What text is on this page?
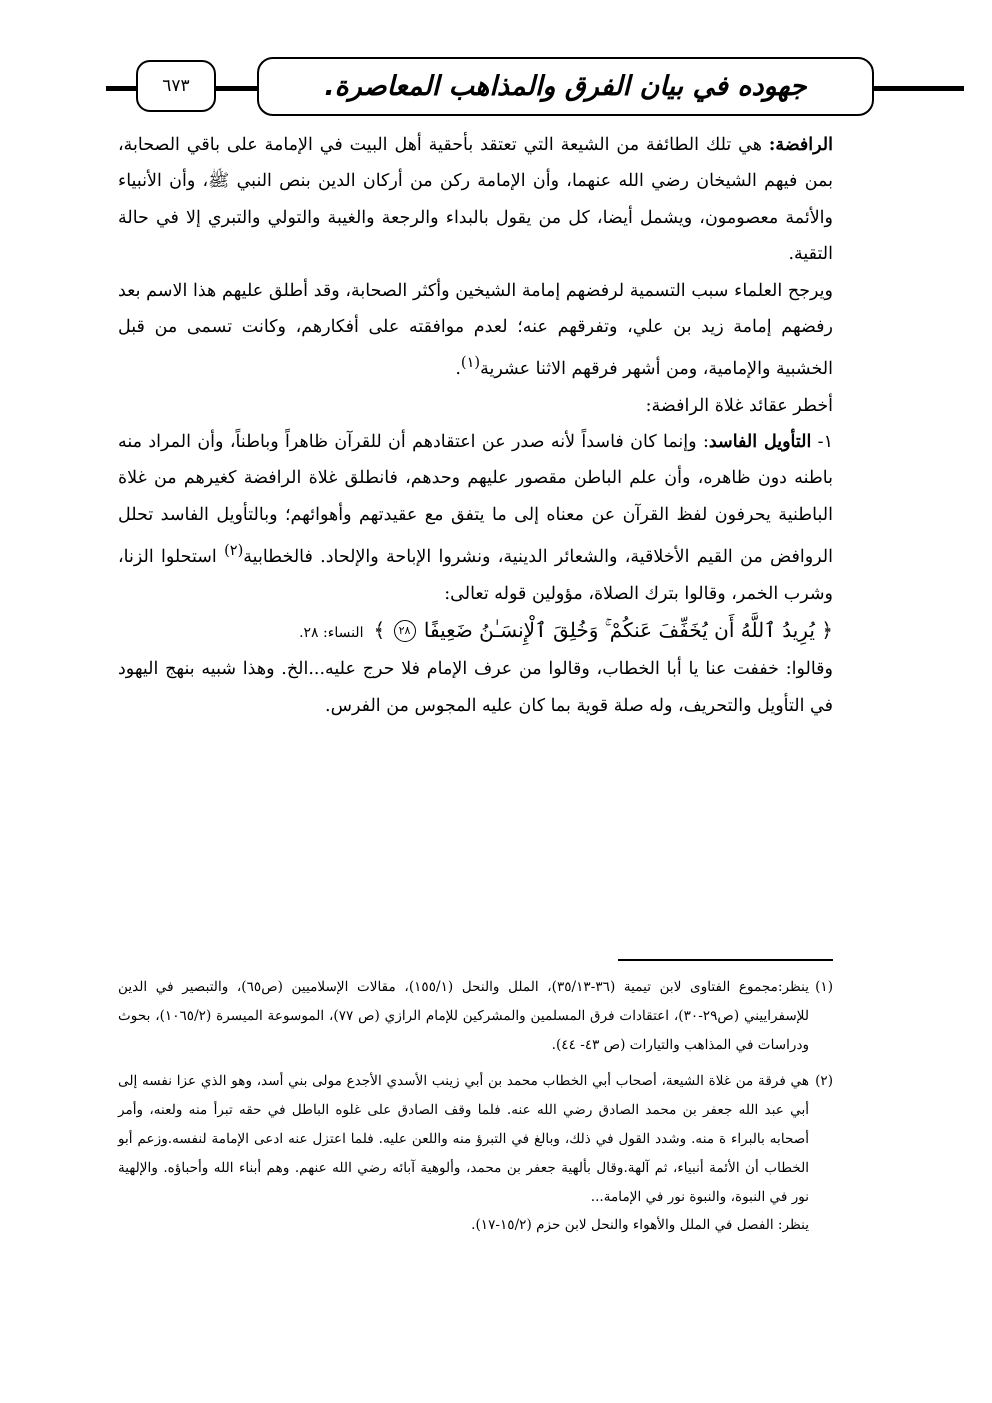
٦٧٣	جهوده في بيان الفرق والمذاهب المعاصرة.

الرافضة: هي تلك الطائفة من الشيعة التي تعتقد بأحقية أهل البيت في الإمامة على باقي الصحابة، بمن فيهم الشيخان رضي الله عنهما، وأن الإمامة ركن من أركان الدين بنص النبي ﷺ، وأن الأنبياء والأئمة معصومون، ويشمل أيضا، كل من يقول بالبداء والرجعة والغيبة والتولي والتبري إلا في حالة التقية.

ويرجح العلماء سبب التسمية لرفضهم إمامة الشيخين وأكثر الصحابة، وقد أطلق عليهم هذا الاسم بعد رفضهم إمامة زيد بن علي، وتفرقهم عنه؛ لعدم موافقته على أفكارهم، وكانت تسمى من قبل الخشبية والإمامية، ومن أشهر فرقهم الاثنا عشرية$^{(١)}$.

أخطر عقائد غلاة الرافضة:

١- التأويل الفاسد: وإنما كان فاسداً لأنه صدر عن اعتقادهم أن للقرآن ظاهراً وباطناً، وأن المراد منه باطنه دون ظاهره، وأن علم الباطن مقصور عليهم وحدهم، فانطلق غلاة الرافضة كغيرهم من غلاة الباطنية يحرفون لفظ القرآن عن معناه إلى ما يتفق مع عقيدتهم وأهوائهم؛ وبالتأويل الفاسد تحلل الروافض من القيم الأخلاقية، والشعائر الدينية، ونشروا الإباحة والإلحاد. فالخطابية$^{(٢)}$ استحلوا الزنا، وشرب الخمر، وقالوا بترك الصلاة، مؤولين قوله تعالى:

﴿ يُرِيدُ ٱللَّهُ أَن يُخَفِّفَ عَنكُمْ ۚ وَخُلِقَ ٱلْإِنسَـٰنُ ضَعِيفًا ٢٨ ﴾
النساء: ٢٨.

وقالوا: خففت عنا يا أبا الخطاب، وقالوا من عرف الإمام فلا حرج عليه...الخ. وهذا شبيه بنهج اليهود في التأويل والتحريف، وله صلة قوية بما كان عليه المجوس من الفرس.

(١)

ينظر:مجموع الفتاوى لابن تيمية (٣٦-٣٥/١٣)، الملل والنحل (١٥٥/١)، مقالات الإسلاميين (ص٦٥)، والتبصير في الدين للإسفراييني (ص٢٩-٣٠)، اعتقادات فرق المسلمين والمشركين للإمام الرازي (ص ٧٧)، الموسوعة الميسرة (١٠٦٥/٢)، بحوث ودراسات في المذاهب والتيارات (ص ٤٣- ٤٤).

(٢)

هي فرقة من غلاة الشيعة، أصحاب أبي الخطاب محمد بن أبي زينب الأسدي الأجدع مولى بني أسد، وهو الذي عزا نفسه إلى أبي عبد الله جعفر بن محمد الصادق رضي الله عنه. فلما وقف الصادق على غلوه الباطل في حقه تبرأ منه ولعنه، وأمر أصحابه بالبراء ة منه. وشدد القول في ذلك، وبالغ في التبرؤ منه واللعن عليه. فلما اعتزل عنه ادعى الإمامة لنفسه.وزعم أبو الخطاب أن الأئمة أنبياء، ثم آلهة.وقال بألهية جعفر بن محمد، وألوهية آبائه رضي الله عنهم. وهم أبناء الله وأحباؤه. والإلهية نور في النبوة، والنبوة نور في الإمامة...

ينظر: الفصل في الملل والأهواء والنحل لابن حزم (١٥/٢-١٧).
